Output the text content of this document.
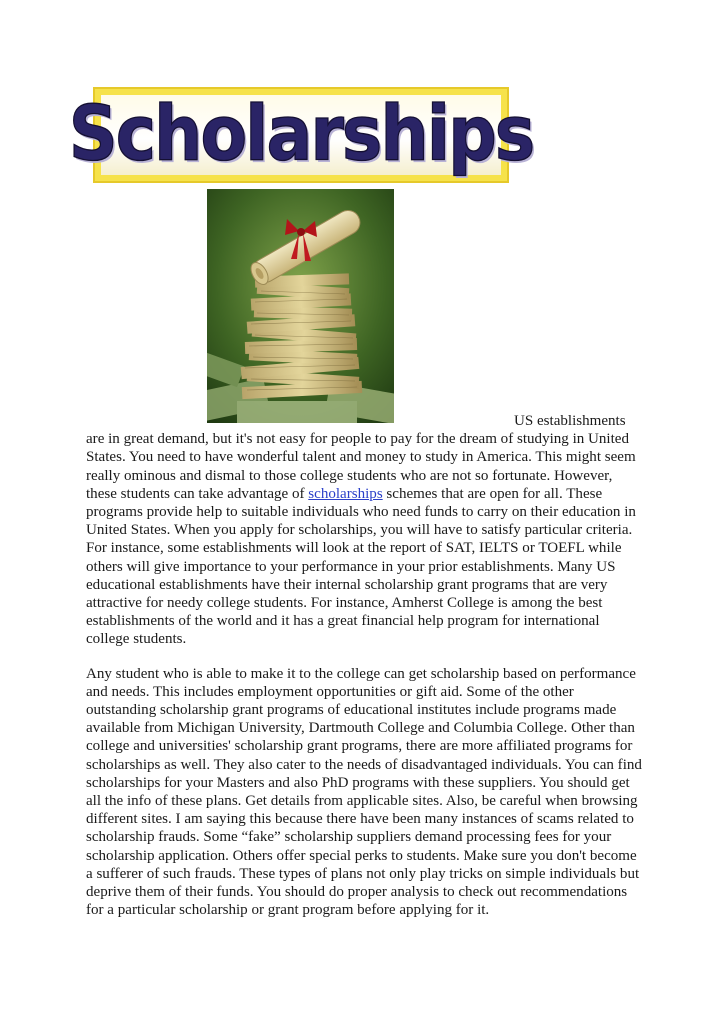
Scholarships

US establishments are in great demand, but it's not easy for people to pay for the dream of studying in United States. You need to have wonderful talent and money to study in America. This might seem really ominous and dismal to those college students who are not so fortunate. However, these students can take advantage of scholarships schemes that are open for all. These programs provide help to suitable individuals who need funds to carry on their education in United States. When you apply for scholarships, you will have to satisfy particular criteria. For instance, some establishments will look at the report of SAT, IELTS or TOEFL while others will give importance to your performance in your prior establishments. Many US educational establishments have their internal scholarship grant programs that are very attractive for needy college students. For instance, Amherst College is among the best establishments of the world and it has a great financial help program for international college students.

Any student who is able to make it to the college can get scholarship based on performance and needs. This includes employment opportunities or gift aid. Some of the other outstanding scholarship grant programs of educational institutes include programs made available from Michigan University, Dartmouth College and Columbia College. Other than college and universities' scholarship grant programs, there are more affiliated programs for scholarships as well. They also cater to the needs of disadvantaged individuals. You can find scholarships for your Masters and also PhD programs with these suppliers. You should get all the info of these plans. Get details from applicable sites. Also, be careful when browsing different sites. I am saying this because there have been many instances of scams related to scholarship frauds. Some “fake” scholarship suppliers demand processing fees for your scholarship application. Others offer special perks to students. Make sure you don't become a sufferer of such frauds. These types of plans not only play tricks on simple individuals but deprive them of their funds. You should do proper analysis to check out recommendations for a particular scholarship or grant program before applying for it.
